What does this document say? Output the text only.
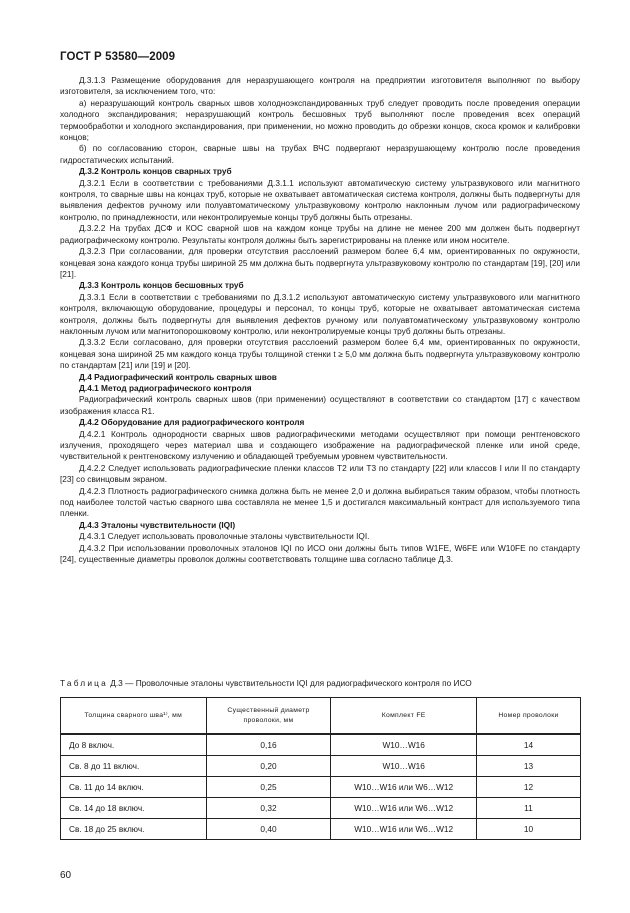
ГОСТ Р 53580—2009

Д.3.1.3 Размещение оборудования для неразрушающего контроля на предприятии изготовителя выполняют по выбору изготовителя, за исключением того, что:

а) неразрушающий контроль сварных швов холодноэкспандированных труб следует проводить после проведения операции холодного экспандирования; неразрушающий контроль бесшовных труб выполняют после проведения всех операций термообработки и холодного экспандирования, при применении, но можно проводить до обрезки концов, скоса кромок и калибровки концов;

б) по согласованию сторон, сварные швы на трубах ВЧС подвергают неразрушающему контролю после проведения гидростатических испытаний.

Д.3.2 Контроль концов сварных труб

Д.3.2.1 Если в соответствии с требованиями Д.3.1.1 используют автоматическую систему ультразвукового или магнитного контроля, то сварные швы на концах труб, которые не охватывает автоматическая система контроля, должны быть подвергнуты для выявления дефектов ручному или полуавтоматическому ультразвуковому контролю наклонным лучом или радиографическому контролю, по принадлежности, или неконтролируемые концы труб должны быть отрезаны.

Д.3.2.2 На трубах ДСФ и КОС сварной шов на каждом конце трубы на длине не менее 200 мм должен быть подвергнут радиографическому контролю. Результаты контроля должны быть зарегистрированы на пленке или ином носителе.

Д.3.2.3 При согласовании, для проверки отсутствия расслоений размером более 6,4 мм, ориентированных по окружности, концевая зона каждого конца трубы шириной 25 мм должна быть подвергнута ультразвуковому контролю по стандартам [19], [20] или [21].

Д.3.3 Контроль концов бесшовных труб

Д.3.3.1 Если в соответствии с требованиями по Д.3.1.2 используют автоматическую систему ультразвукового или магнитного контроля, включающую оборудование, процедуры и персонал, то концы труб, которые не охватывает автоматическая система контроля, должны быть подвергнуты для выявления дефектов ручному или полуавтоматическому ультразвуковому контролю наклонным лучом или магнитопорошковому контролю, или неконтролируемые концы труб должны быть отрезаны.

Д.3.3.2 Если согласовано, для проверки отсутствия расслоений размером более 6,4 мм, ориентированных по окружности, концевая зона шириной 25 мм каждого конца трубы толщиной стенки t ≥ 5,0 мм должна быть подвергнута ультразвуковому контролю по стандартам [21] или [19] и [20].

Д.4 Радиографический контроль сварных швов

Д.4.1 Метод радиографического контроля

Радиографический контроль сварных швов (при применении) осуществляют в соответствии со стандартом [17] с качеством изображения класса R1.

Д.4.2 Оборудование для радиографического контроля

Д.4.2.1 Контроль однородности сварных швов радиографическими методами осуществляют при помощи рентгеновского излучения, проходящего через материал шва и создающего изображение на радиографической пленке или иной среде, чувствительной к рентгеновскому излучению и обладающей требуемым уровнем чувствительности.

Д.4.2.2 Следует использовать радиографические пленки классов T2 или T3 по стандарту [22] или классов I или II по стандарту [23] со свинцовым экраном.

Д.4.2.3 Плотность радиографического снимка должна быть не менее 2,0 и должна выбираться таким образом, чтобы плотность под наиболее толстой частью сварного шва составляла не менее 1,5 и достигался максимальный контраст для используемого типа пленки.

Д.4.3 Эталоны чувствительности (IQI)

Д.4.3.1 Следует использовать проволочные эталоны чувствительности IQI.

Д.4.3.2 При использовании проволочных эталонов IQI по ИСО они должны быть типов W1FE, W6FE или W10FE по стандарту [24], существенные диаметры проволок должны соответствовать толщине шва согласно таблице Д.3.

Таблица Д.3 — Проволочные эталоны чувствительности IQI для радиографического контроля по ИСО
Толщина сварного шва¹⁾, мм	Существенный диаметр проволоки, мм	Комплект FE	Номер проволоки
До 8 включ.	0,16	W10…W16	14
Св. 8 до 11 включ.	0,20	W10…W16	13
Св. 11 до 14 включ.	0,25	W10…W16 или W6…W12	12
Св. 14 до 18 включ.	0,32	W10…W16 или W6…W12	11
Св. 18 до 25 включ.	0,40	W10…W16 или W6…W12	10
60
